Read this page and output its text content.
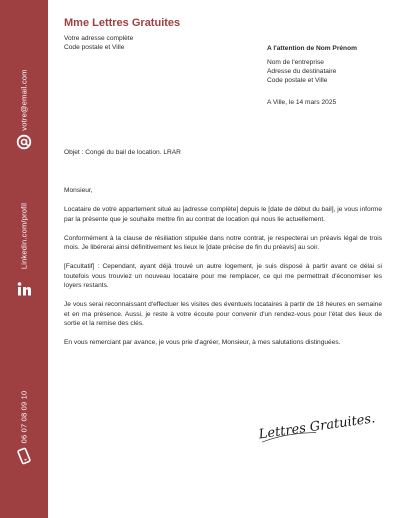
votre@email.com
Linkedin.com/profil
06 07 08 09 10
Mme Lettres Gratuites
Votre adresse complète
Code postale et Ville	A l'attention de Nom Prénom
Nom de l'entreprise
Adresse du destinataire
Code postale et Ville
A Ville, le 14 mars 2025
Objet : Congé du bail de location. LRAR

Monsieur,

Locataire de votre appartement situé au [adresse complète] depuis le [date de début du bail], je vous informe par la présente que je souhaite mettre fin au contrat de location qui nous lie actuellement.

Conformément à la clause de résiliation stipulée dans notre contrat, je respecterai un préavis légal de trois mois. Je libérerai ainsi définitivement les lieux le [date précise de fin du préavis] au soir.

[Facultatif] : Cependant, ayant déjà trouvé un autre logement, je suis disposé à partir avant ce délai si toutefois vous trouviez un nouveau locataire pour me remplacer, ce qui me permettrait d'économiser les loyers restants.

Je vous serai reconnaissant d'effectuer les visites des éventuels locataires à partir de 18 heures en semaine et en ma présence. Aussi, je reste à votre écoute pour convenir d'un rendez-vous pour l'état des lieux de sortie et la remise des clés.

En vous remerciant par avance, je vous prie d'agréer, Monsieur, à mes salutations distinguées.

Lettres Gratuites.
